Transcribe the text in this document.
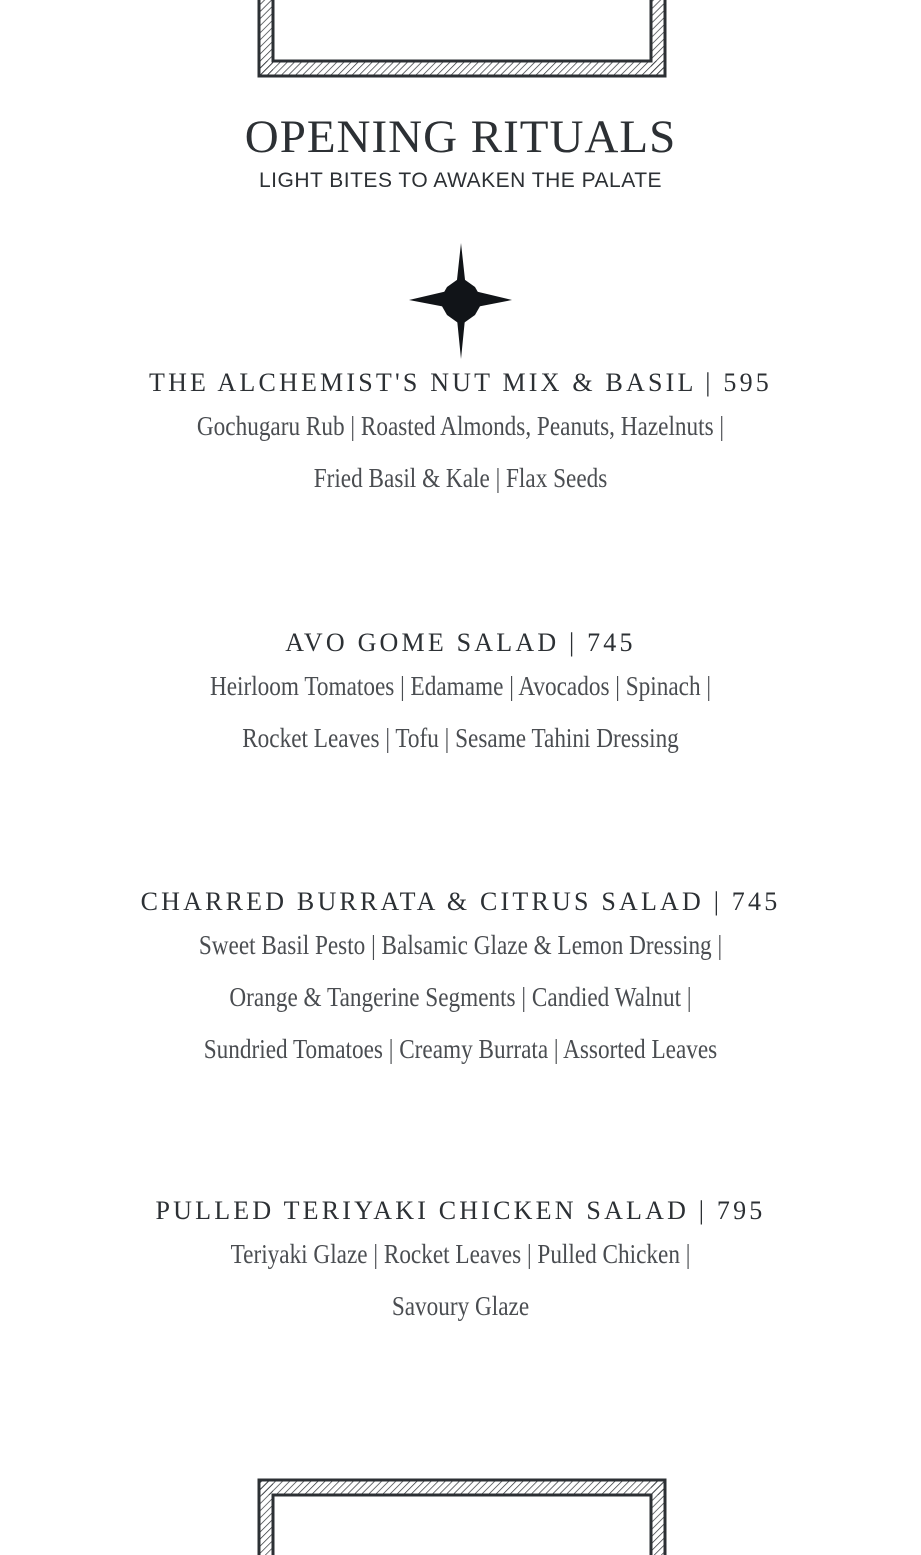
OPENING RITUALS
LIGHT BITES TO AWAKEN THE PALATE
THE ALCHEMIST'S NUT MIX & BASIL | 595
Gochugaru Rub | Roasted Almonds, Peanuts, Hazelnuts |
Fried Basil & Kale | Flax Seeds
AVO GOME SALAD | 745
Heirloom Tomatoes | Edamame | Avocados | Spinach |
Rocket Leaves | Tofu | Sesame Tahini Dressing
CHARRED BURRATA & CITRUS SALAD | 745
Sweet Basil Pesto | Balsamic Glaze & Lemon Dressing |
Orange & Tangerine Segments | Candied Walnut |
Sundried Tomatoes | Creamy Burrata | Assorted Leaves
PULLED TERIYAKI CHICKEN SALAD | 795
Teriyaki Glaze | Rocket Leaves | Pulled Chicken |
Savoury Glaze
